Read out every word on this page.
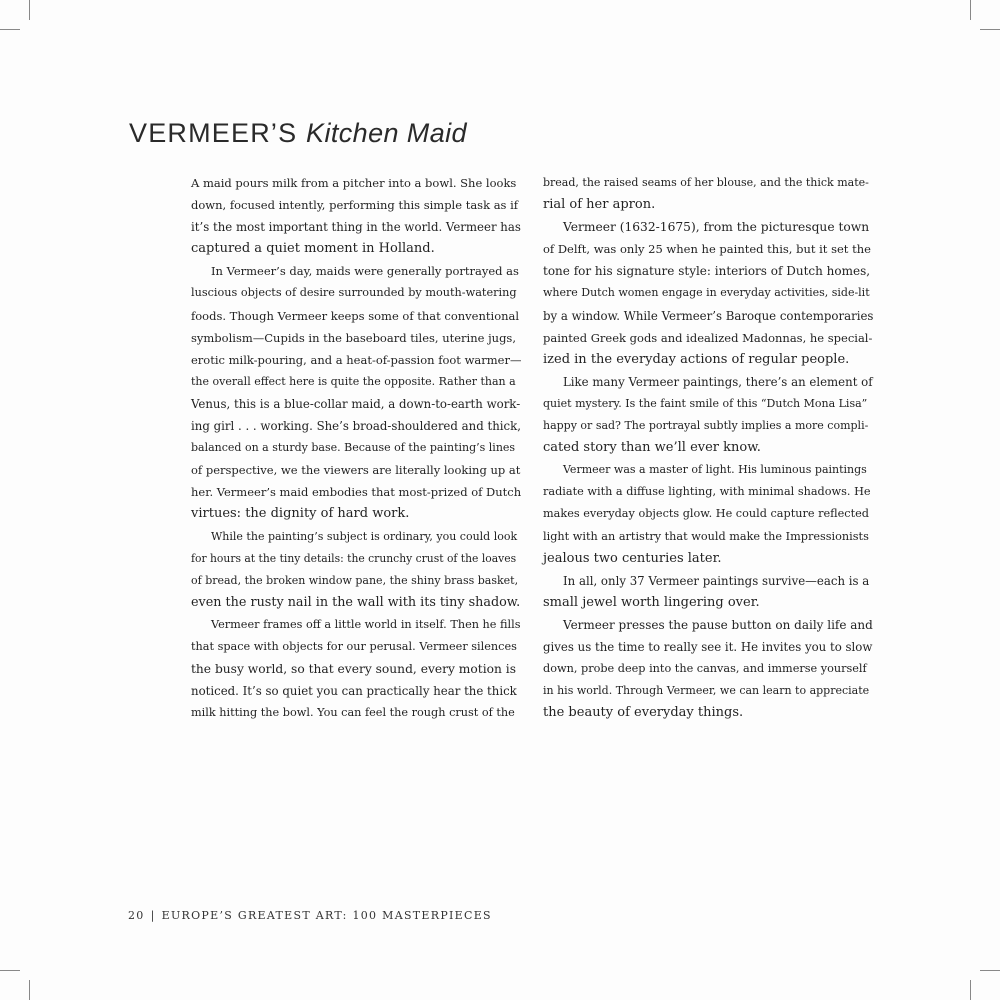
VERMEER’S Kitchen Maid
A maid pours milk from a pitcher into a bowl. She looks
down, focused intently, performing this simple task as if
it’s the most important thing in the world. Vermeer has
captured a quiet moment in Holland.
In Vermeer’s day, maids were generally portrayed as
luscious objects of desire surrounded by mouth-watering
foods. Though Vermeer keeps some of that conventional
symbolism—Cupids in the baseboard tiles, uterine jugs,
erotic milk-pouring, and a heat-of-passion foot warmer—
the overall effect here is quite the opposite. Rather than a
Venus, this is a blue-collar maid, a down-to-earth work-
ing girl . . . working. She’s broad-shouldered and thick,
balanced on a sturdy base. Because of the painting’s lines
of perspective, we the viewers are literally looking up at
her. Vermeer’s maid embodies that most-prized of Dutch
virtues: the dignity of hard work.
While the painting’s subject is ordinary, you could look
for hours at the tiny details: the crunchy crust of the loaves
of bread, the broken window pane, the shiny brass basket,
even the rusty nail in the wall with its tiny shadow.
Vermeer frames off a little world in itself. Then he fills
that space with objects for our perusal. Vermeer silences
the busy world, so that every sound, every motion is
noticed. It’s so quiet you can practically hear the thick
milk hitting the bowl. You can feel the rough crust of the
bread, the raised seams of her blouse, and the thick mate-
rial of her apron.
Vermeer (1632-1675), from the picturesque town
of Delft, was only 25 when he painted this, but it set the
tone for his signature style: interiors of Dutch homes,
where Dutch women engage in everyday activities, side-lit
by a window. While Vermeer’s Baroque contemporaries
painted Greek gods and idealized Madonnas, he special-
ized in the everyday actions of regular people.
Like many Vermeer paintings, there’s an element of
quiet mystery. Is the faint smile of this “Dutch Mona Lisa”
happy or sad? The portrayal subtly implies a more compli-
cated story than we’ll ever know.
Vermeer was a master of light. His luminous paintings
radiate with a diffuse lighting, with minimal shadows. He
makes everyday objects glow. He could capture reflected
light with an artistry that would make the Impressionists
jealous two centuries later.
In all, only 37 Vermeer paintings survive—each is a
small jewel worth lingering over.
Vermeer presses the pause button on daily life and
gives us the time to really see it. He invites you to slow
down, probe deep into the canvas, and immerse yourself
in his world. Through Vermeer, we can learn to appreciate
the beauty of everyday things.
20 | EUROPE’S GREATEST ART: 100 MASTERPIECES
